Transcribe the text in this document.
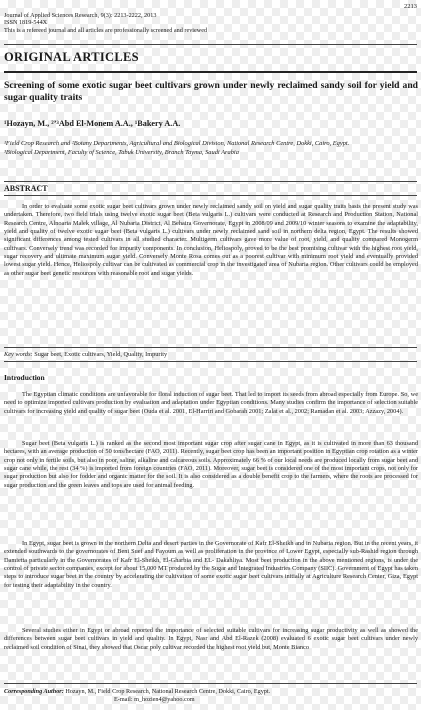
2213
Journal of Applied Sciences Research, 9(3): 2213-2222, 2013
ISSN 1819-544X
This is a refereed journal and all articles are professionally screened and reviewed
ORIGINAL ARTICLES
Screening of some exotic sugar beet cultivars grown under newly reclaimed sandy soil for yield and sugar quality traits
¹Hozayn, M., ²ʼ³Abd El-Monem A.A., ¹Bakery A.A.
¹Field Crop Research and ²Botany Departments, Agricultural and Biological Division, National Research Centre, Dokki, Cairo, Egypt.
³Biological Department, Faculty of Science, Tabuk University, Branch Tayma, Saudi Arabia
ABSTRACT
In order to evaluate some exotic sugar beet cultivars grown under newly reclaimed sandy soil on yield and sugar quality traits basis the present study was undertaken. Therefore, two field trials using twelve exotic sugar beet (Beta vulgaris L.) cultivars were conducted at Research and Production Station, National Research Centre, Alnoaria Malek village, Al Nubaria District, Al Behaira Governorate, Egypt in 2008/09 and 2009/10 winter seasons to examine the adaptability, yield and quality of twelve exotic sugar beet (Beta vulgaris L.) cultivars under newly reclaimed sand soil in northern delta region, Egypt. The results showed significant differences among tested cultivars in all studied character. Multigerm cultivars gave more value of root, yield, and quality compared Monogerm cultivars. Conversely trend was recorded for impurity components. In conclusion, Heliospoly, proved to be the best promising cultivar with the highest root yield, sugar recovery and ultimate maximum sugar yield. Conversely Monte Rosa comes out as a poorest cultivar with minimum root yield and eventually provided lowest sugar yield. Hence, Heliospoly cultivar can be cultivated as commercial crop in the investigated area of Nubaria region. Other cultivars could be employed as other sugar beet genetic resources with reasonable root and sugar yields.
Key words: Sugar beet, Exotic cultivars, Yield, Quality, Impurity
Introduction
The Egyptian climatic conditions are unfavorable for floral induction of sugar beet. That led to import its seeds from abroad especially from Europe. So, we need to optimize imported cultivars production by evaluation and adaptation under Egyptian conditions. Many studies confirm the importance of selection suitable cultivars for increasing yield and quality of sugar beet (Ouda et al. 2001, El-Harriri and Gobarah 2001; Zalat et al., 2002; Ramadan et al. 2003; Azzazy, 2004).
Sugar beet (Beta vulgaris L.) is ranked as the second most important sugar crop after sugar cane in Egypt, as it is cultivated in more than 63 thousand hectares, with an average production of 50 tons/hectare (FAO, 2011). Recently, sugar beet crop has been an important position in Egyptian crop rotation as a winter crop not only in fertile soils, but also in poor, saline, alkaline and calcareous soils. Approximately 66 % of our local needs are produced locally from sugar beet and sugar cane while, the rest (34 %) is imported from foreign countries (FAO, 2011). Moreover, sugar beet is considered one of the most important crops, not only for sugar production but also for fodder and organic matter for the soil. It is also considered as a double benefit crop to the farmers, where the roots are processed for sugar production and the green leaves and tops are used for animal feeding.
In Egypt, sugar beet is grown in the northern Delta and desert parties in the Governorate of Kafr El-Sheikh and in Nubaria region. But in the recent years, it extended southwards to the governorates of Beni Suef and Fayoum as well as proliferation in the province of Lower Egypt, especially sub-Rashid region through Damietta particularly in the Governorates of Kafr El-Sheikh, El-Gharbia and EL- Dakahliya. Most beet production in the above mentioned regions, is under the control of private sector companies, except for about 15,000 MT produced by the Sugar and Integrated Industries Company (SIIC). Government of Egypt has taken steps to introduce sugar beet in the country by accelerating the cultivation of some exotic sugar beet cultivars initially at Agriculture Research Center, Giza, Egypt for testing their adaptability in the country.
Several studies either in Egypt or abroad reported the importance of selected suitable cultivars for increasing sugar productivity as well as showed the differences between sugar beet cultivars in yield and quality. In Egypt, Nasr and Abd El-Razek (2008) evaluated 6 exotic sugar beet cultivars under newly reclaimed soil condition of Sinai, they showed that Oscar poly cultivar recorded the highest root yield but, Monte Bianco
Corresponding Author: Hozayn, M., Field Crop Research, National Research Centre, Dokki, Cairo, Egypt.
E-mail: m_hozien4@yahoo.com
